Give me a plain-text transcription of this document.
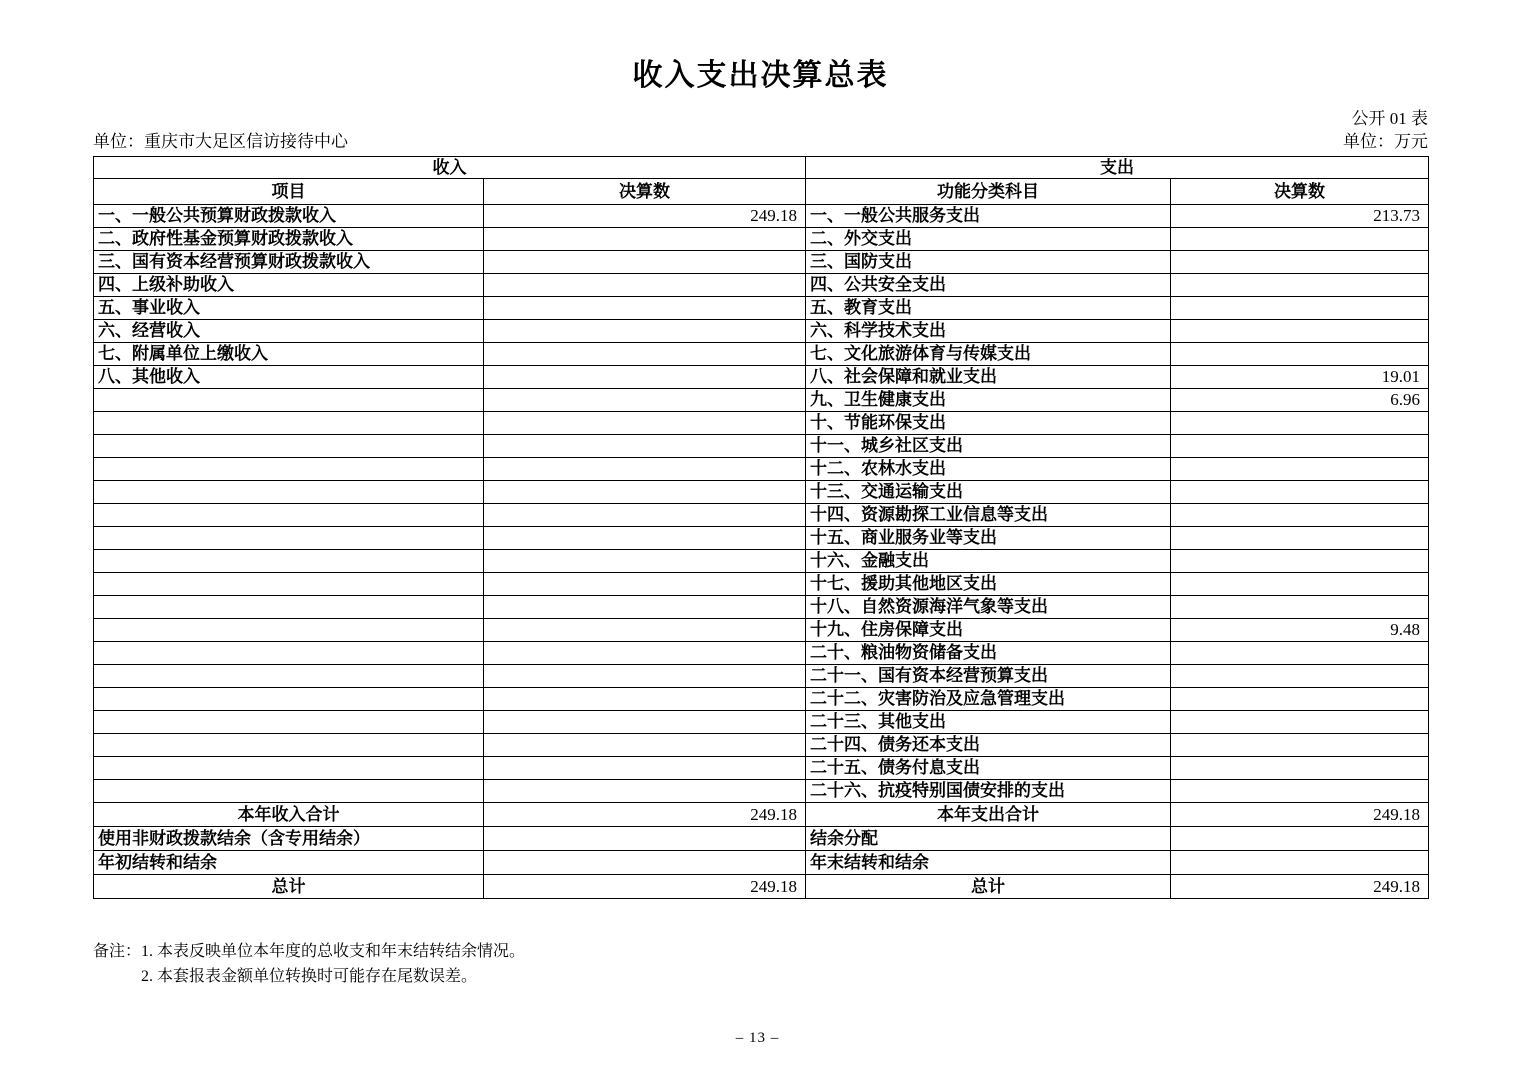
收入支出决算总表
公开 01 表
单位：重庆市大足区信访接待中心	单位：万元
收入		支出	
项目	决算数	功能分类科目	决算数
一、一般公共预算财政拨款收入	249.18	一、一般公共服务支出	213.73
二、政府性基金预算财政拨款收入		二、外交支出	
三、国有资本经营预算财政拨款收入		三、国防支出	
四、上级补助收入		四、公共安全支出	
五、事业收入		五、教育支出	
六、经营收入		六、科学技术支出	
七、附属单位上缴收入		七、文化旅游体育与传媒支出	
八、其他收入		八、社会保障和就业支出	19.01
		九、卫生健康支出	6.96
		十、节能环保支出	
		十一、城乡社区支出	
		十二、农林水支出	
		十三、交通运输支出	
		十四、资源勘探工业信息等支出	
		十五、商业服务业等支出	
		十六、金融支出	
		十七、援助其他地区支出	
		十八、自然资源海洋气象等支出	
		十九、住房保障支出	9.48
		二十、粮油物资储备支出	
		二十一、国有资本经营预算支出	
		二十二、灾害防治及应急管理支出	
		二十三、其他支出	
		二十四、债务还本支出	
		二十五、债务付息支出	
		二十六、抗疫特别国债安排的支出	
本年收入合计	249.18	本年支出合计	249.18
使用非财政拨款结余（含专用结余）		结余分配	
年初结转和结余		年末结转和结余	
总计	249.18	总计	249.18
备注： 1. 本表反映单位本年度的总收支和年末结转结余情况。
2. 本套报表金额单位转换时可能存在尾数误差。
– 13 –
